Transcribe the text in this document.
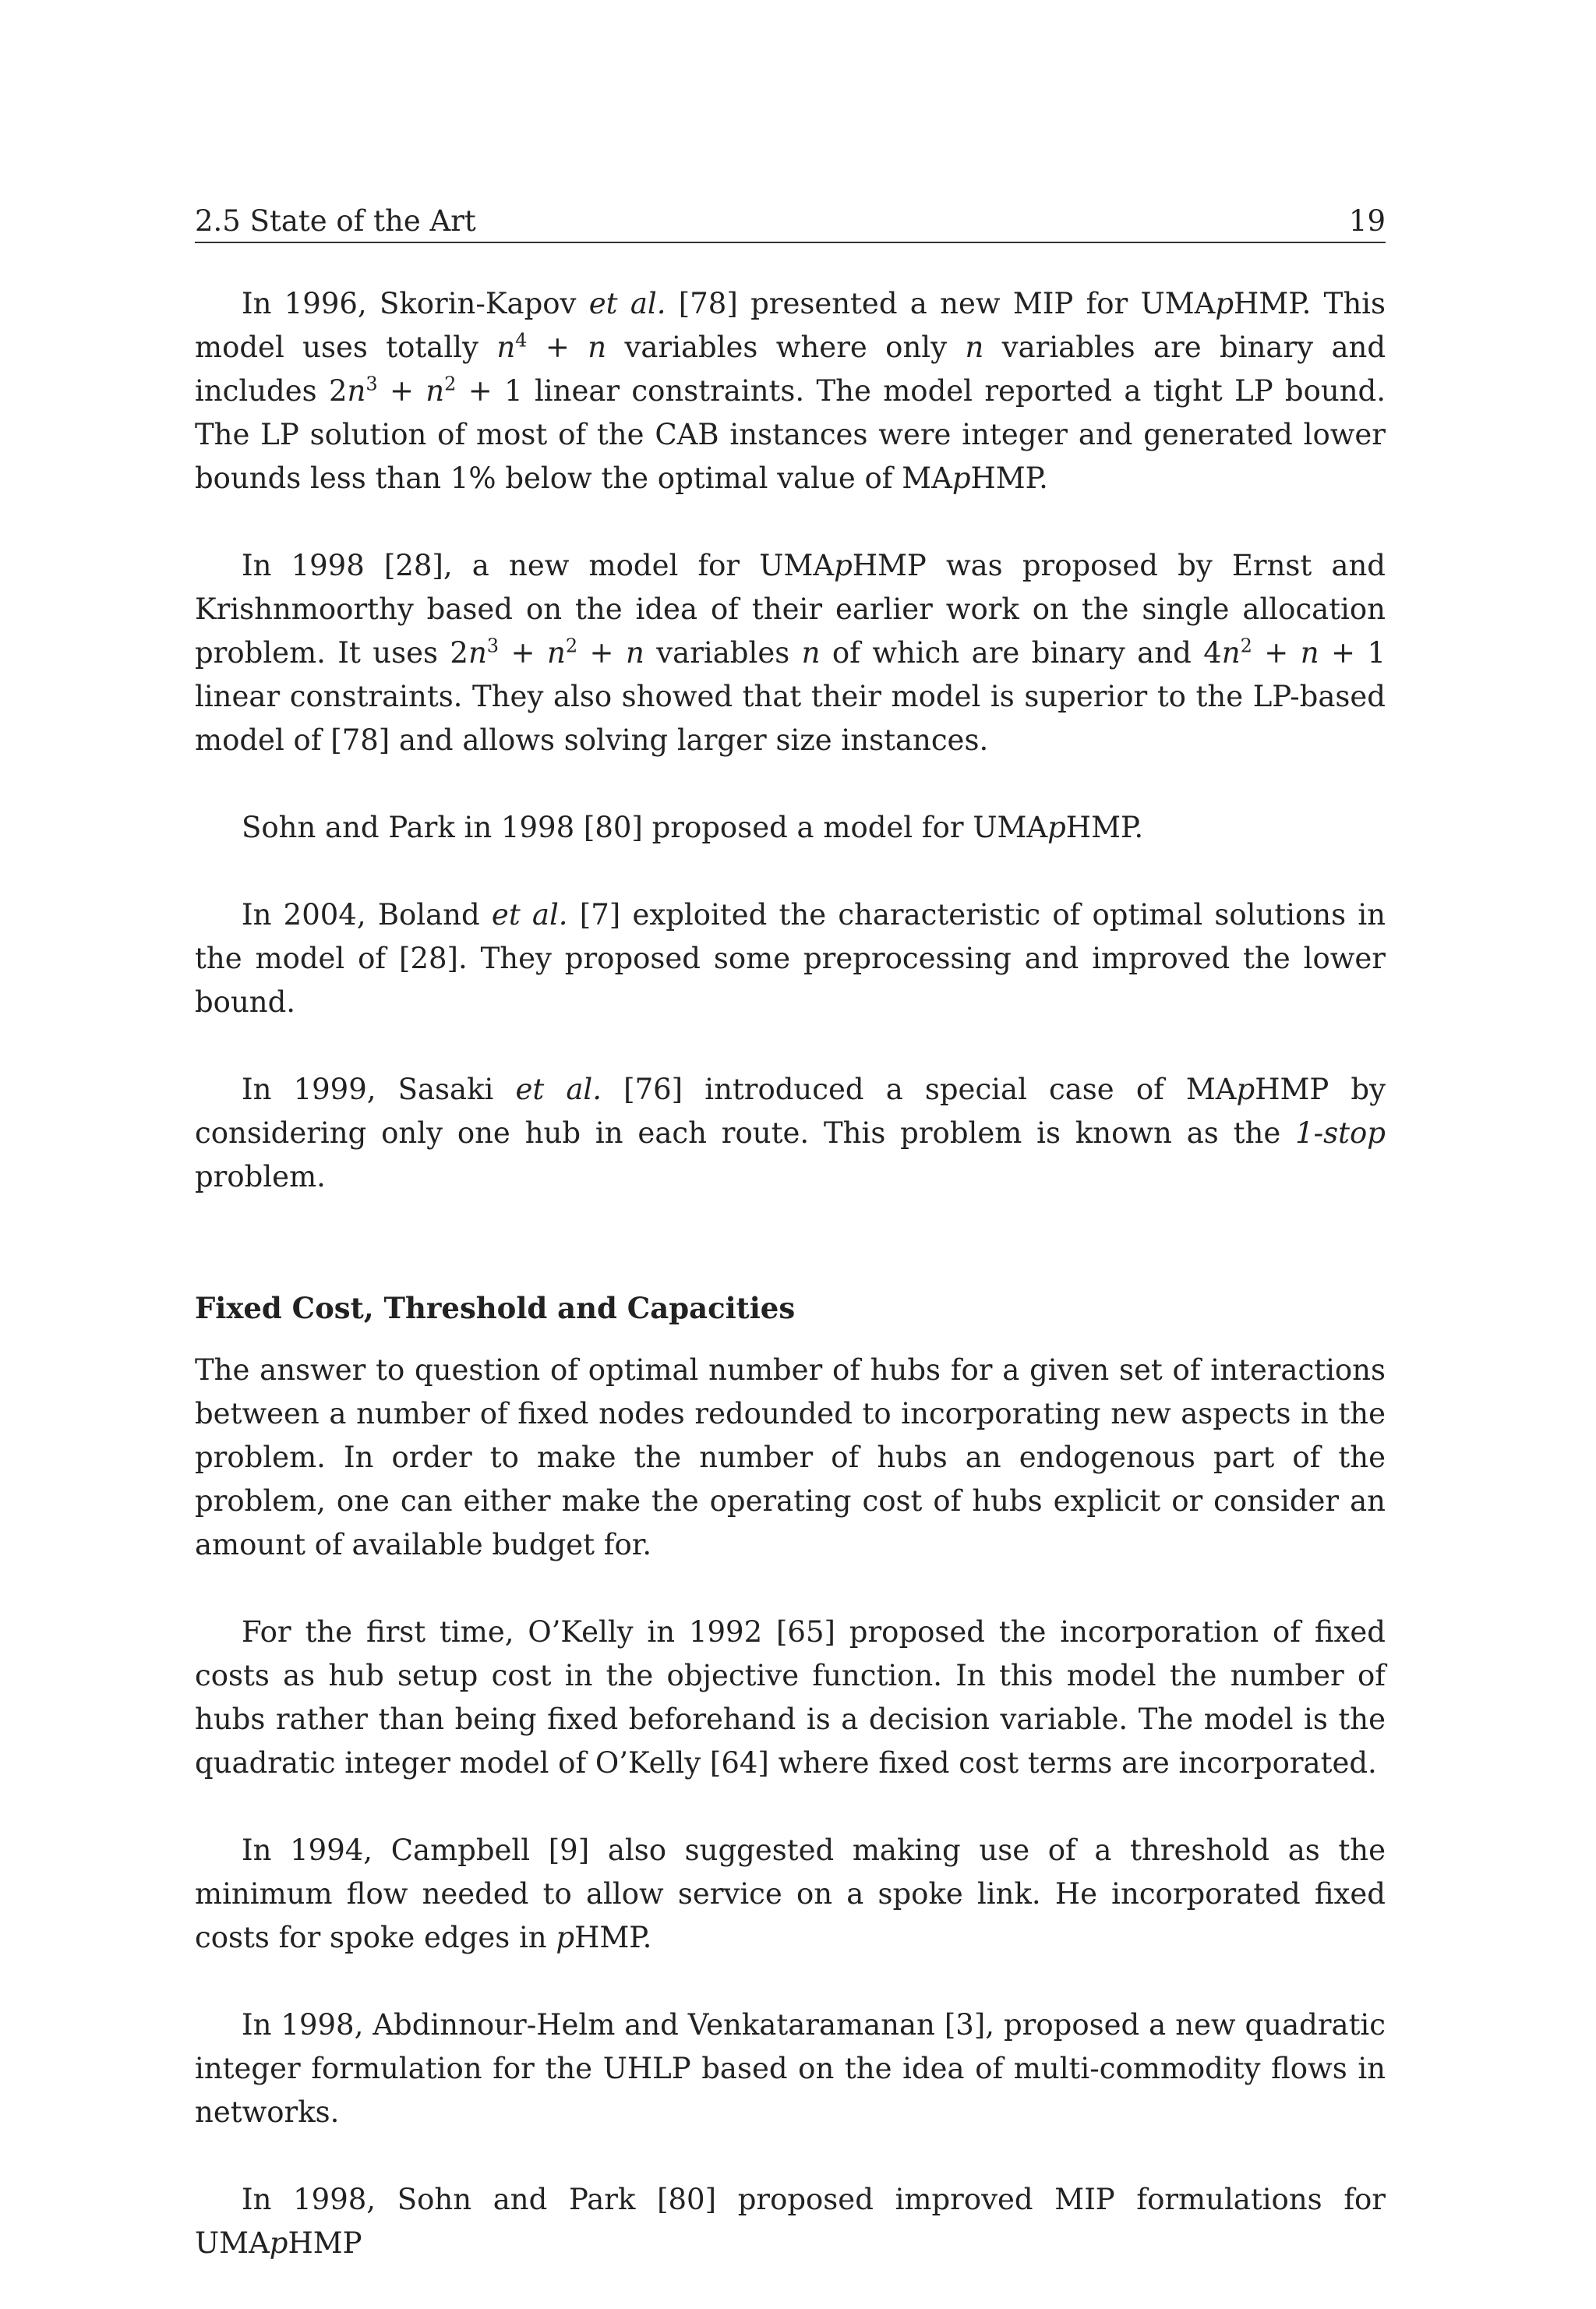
2.5 State of the Art	19

In 1996, Skorin-Kapov et al. [78] presented a new MIP for UMApHMP. This model uses totally $n^4 + n$ variables where only n variables are binary and includes $2n^3 + n^2 + 1$ linear constraints. The model reported a tight LP bound. The LP solution of most of the CAB instances were integer and generated lower bounds less than 1% below the optimal value of MApHMP.

In 1998 [28], a new model for UMApHMP was proposed by Ernst and Krishnmoorthy based on the idea of their earlier work on the single allocation problem. It uses $2n^3 + n^2 + n$ variables n of which are binary and $4n^2 + n + 1$ linear constraints. They also showed that their model is superior to the LP-based model of [78] and allows solving larger size instances.

Sohn and Park in 1998 [80] proposed a model for UMApHMP.

In 2004, Boland et al. [7] exploited the characteristic of optimal solutions in the model of [28]. They proposed some preprocessing and improved the lower bound.

In 1999, Sasaki et al. [76] introduced a special case of MApHMP by considering only one hub in each route. This problem is known as the 1-stop problem.

Fixed Cost, Threshold and Capacities

The answer to question of optimal number of hubs for a given set of interactions between a number of fixed nodes redounded to incorporating new aspects in the problem. In order to make the number of hubs an endogenous part of the problem, one can either make the operating cost of hubs explicit or consider an amount of available budget for.

For the first time, O’Kelly in 1992 [65] proposed the incorporation of fixed costs as hub setup cost in the objective function. In this model the number of hubs rather than being fixed beforehand is a decision variable. The model is the quadratic integer model of O’Kelly [64] where fixed cost terms are incorporated.

In 1994, Campbell [9] also suggested making use of a threshold as the minimum flow needed to allow service on a spoke link. He incorporated fixed costs for spoke edges in pHMP.

In 1998, Abdinnour-Helm and Venkataramanan [3], proposed a new quadratic integer formulation for the UHLP based on the idea of multi-commodity flows in networks.

In 1998, Sohn and Park [80] proposed improved MIP formulations for UMApHMP
